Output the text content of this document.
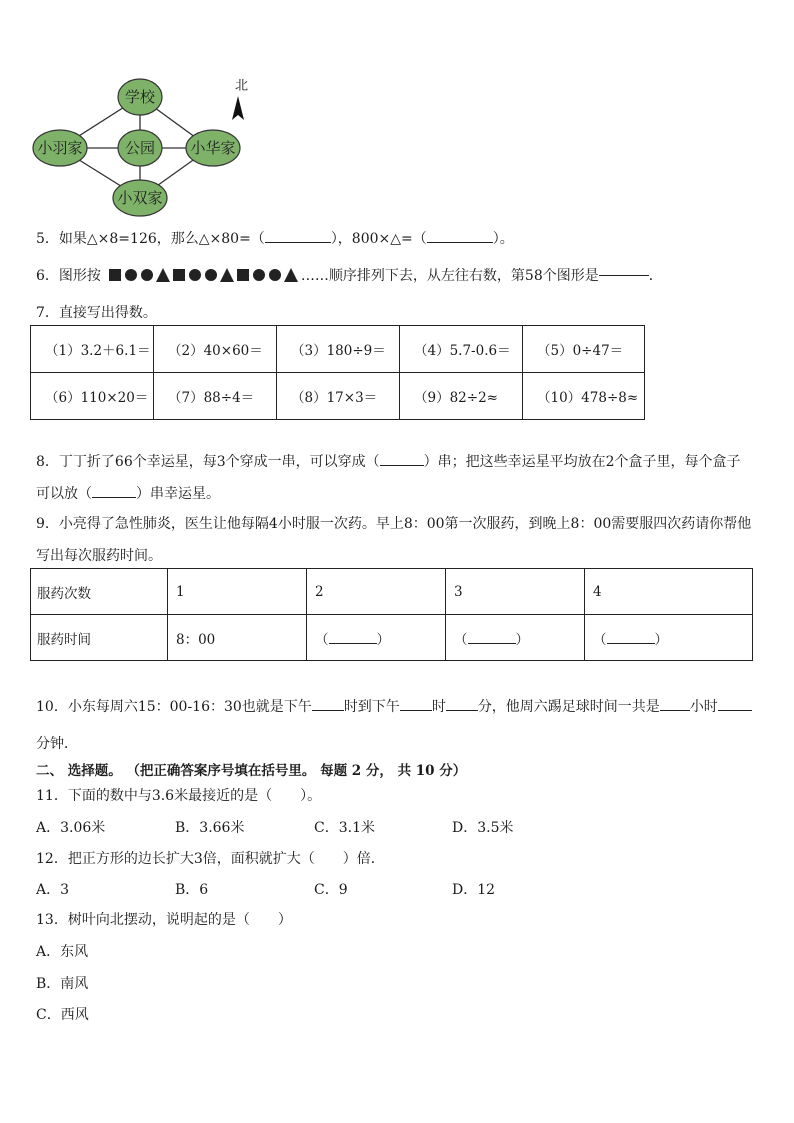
学校
小羽家	公园 小华家
小双家
北
5．如果△×8=126，那么△×80=（	），800×△=（	）。
6．图形按	……顺序排列下去，从左往右数，第58个图形是	．
7．直接写出得数。
（1）3.2＋6.1＝	（2）40×60＝	（3）180÷9＝	（4）5.7-0.6＝	（5）0÷47＝
（6）110×20＝	（7）88÷4＝	（8）17×3＝	（9）82÷2≈	（10）478÷8≈
8．丁丁折了66个幸运星，每3个穿成一串，可以穿成（	）串；把这些幸运星平均放在2个盒子里，每个盒子
可以放（	）串幸运星。
9．小亮得了急性肺炎，医生让他每隔4小时服一次药。早上8：00第一次服药，到晚上8：00需要服四次药请你帮他
写出每次服药时间。
服药次数	1	2	3	4
服药时间	8：00	（ ）	（ ）	（ ）
10．小东每周六15：00-16：30也就是下午 时到下午 时 分，他周六踢足球时间一共是 小时
分钟．
二、 选择题。 （把正确答案序号填在括号里。 每题 2 分， 共 10 分）
11．下面的数中与3.6米最接近的是（　　）。
A．3.06米	B．3.66米	C．3.1米	D．3.5米
12．把正方形的边长扩大3倍，面积就扩大（　　）倍．
A．3	B．6	C．9	D．12
13．树叶向北摆动，说明起的是（　　）
A．东风
B．南风
C．西风
